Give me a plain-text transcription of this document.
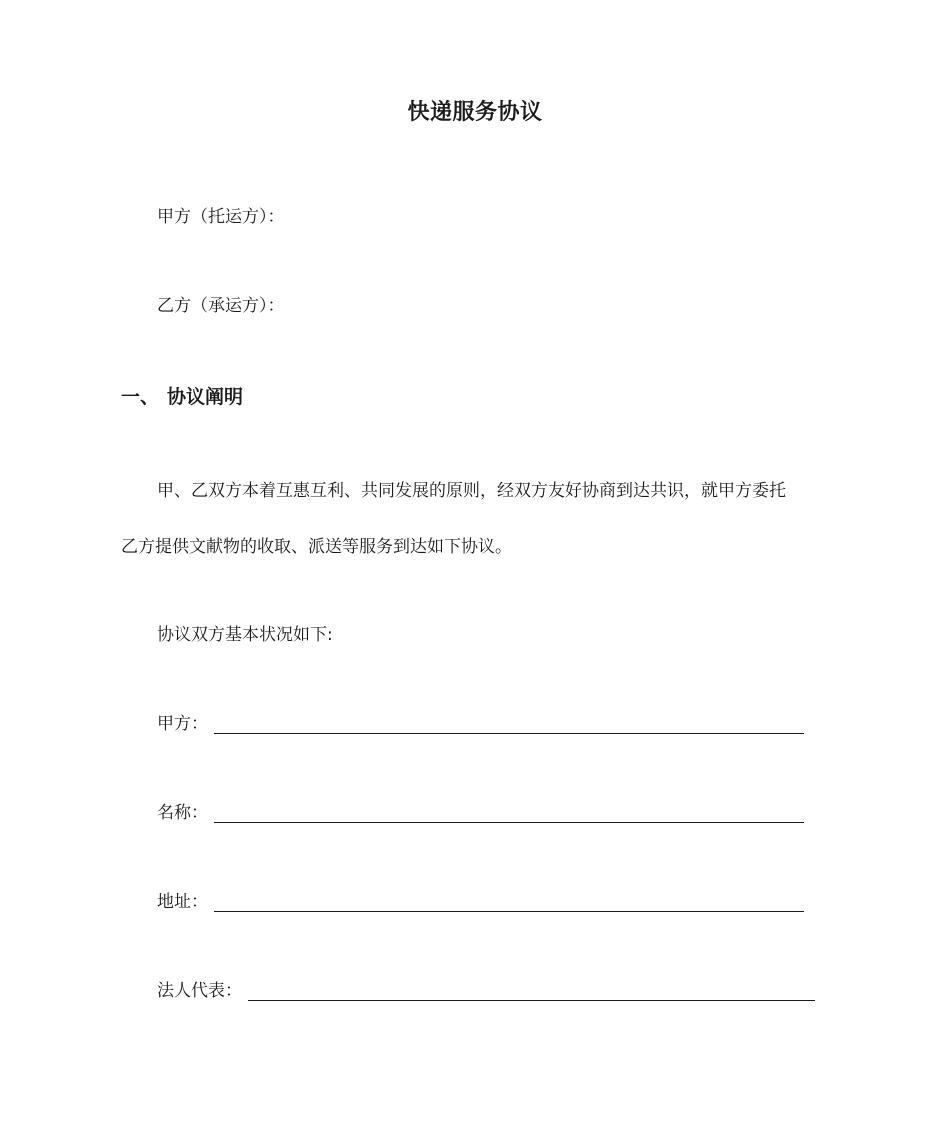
快递服务协议
甲方（托运方）：
乙方（承运方）：
一、 协议阐明
甲、乙双方本着互惠互利、共同发展的原则，经双方友好协商到达共识，就甲方委托
乙方提供文献物的收取、派送等服务到达如下协议。
协议双方基本状况如下:
甲方：
名称：
地址：
法人代表：
